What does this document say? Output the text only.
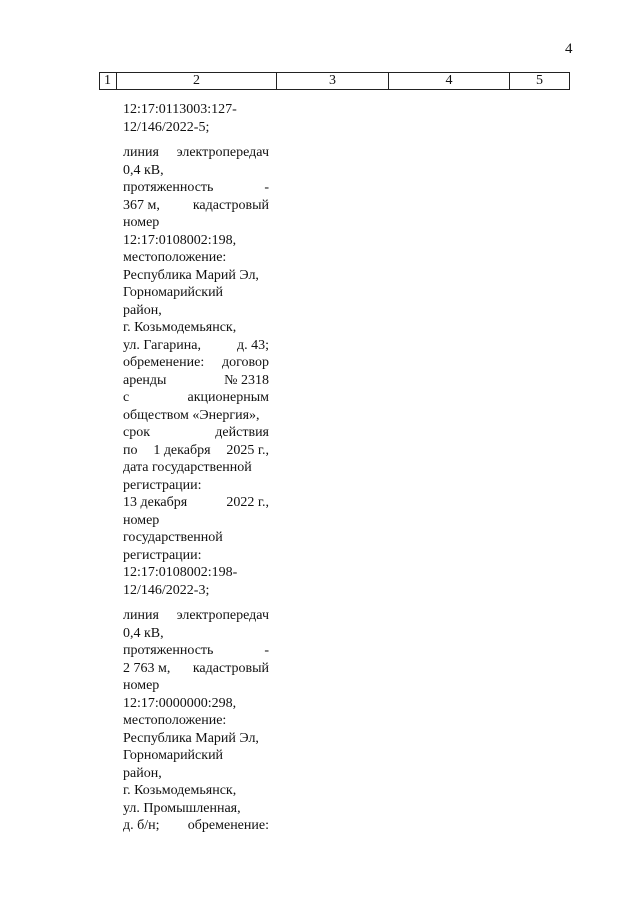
4
1	2	3	4	5
12:17:0113003:127-
12/146/2022-5;
линия электропередач
0,4 кВ,
протяженность	-
367 м, кадастровый
номер
12:17:0108002:198,
местоположение:
Республика Марий Эл,
Горномарийский
район,
г. Козьмодемьянск,
ул. Гагарина,	д. 43;
обременение: договор
аренды	№ 2318
с	акционерным
обществом «Энергия»,
срок	действия
по 1 декабря 2025 г.,
дата государственной
регистрации:
13 декабря	2022 г.,
номер
государственной
регистрации:
12:17:0108002:198-
12/146/2022-3;
линия электропередач
0,4 кВ,
протяженность	-
2 763 м, кадастровый
номер
12:17:0000000:298,
местоположение:
Республика Марий Эл,
Горномарийский
район,
г. Козьмодемьянск,
ул. Промышленная,
д. б/н; обременение:
